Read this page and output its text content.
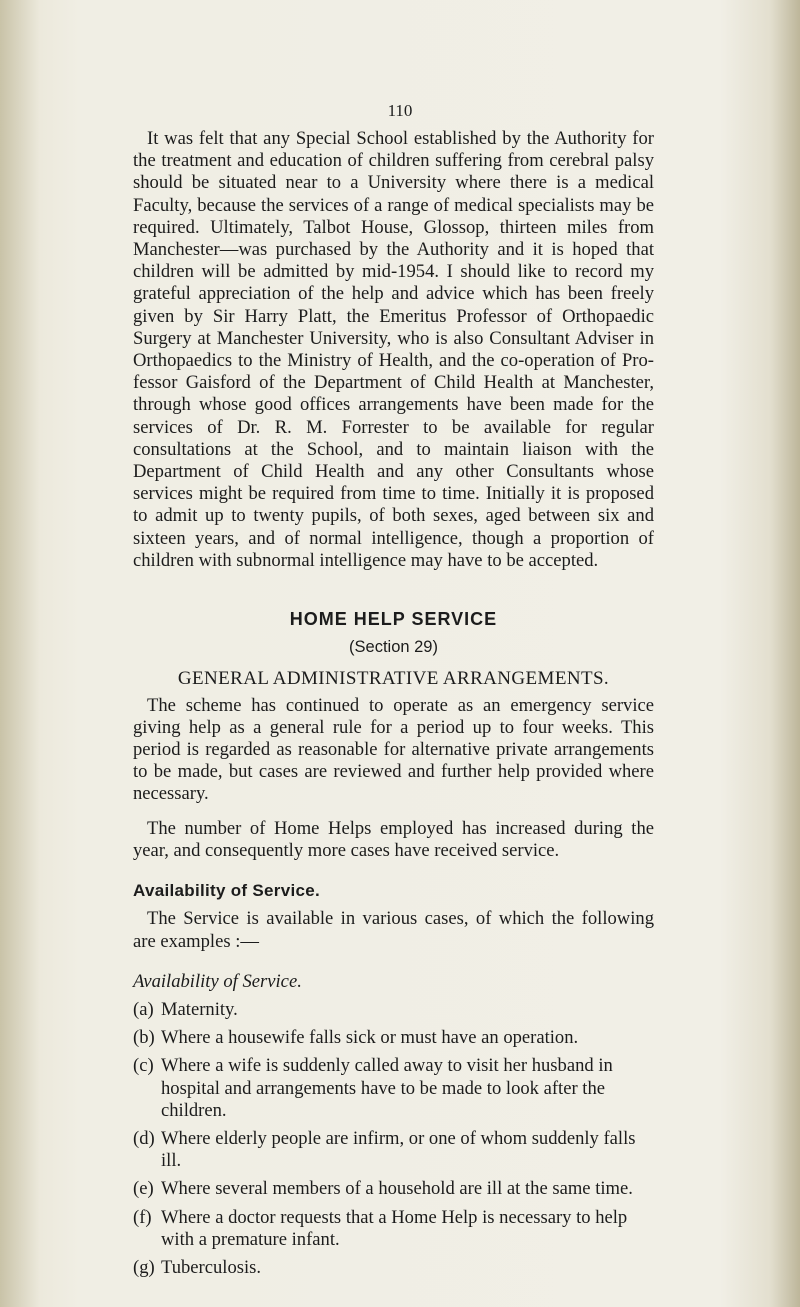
110

It was felt that any Special School established by the Authority for the treatment and education of children suffering from cerebral palsy should be situated near to a University where there is a medical Faculty, because the services of a range of medical specialists may be required. Ultimately, Talbot House, Glossop, thirteen miles from Manchester—was purchased by the Authority and it is hoped that children will be admitted by mid-1954. I should like to record my grateful appreciation of the help and advice which has been freely given by Sir Harry Platt, the Emeritus Professor of Orthopaedic Surgery at Manchester University, who is also Consultant Adviser in Orthopaedics to the Ministry of Health, and the co-operation of Professor Gaisford of the Department of Child Health at Manchester, through whose good offices arrangements have been made for the services of Dr. R. M. Forrester to be available for regular consultations at the School, and to maintain liaison with the Department of Child Health and any other Consultants whose services might be required from time to time. Initially it is proposed to admit up to twenty pupils, of both sexes, aged between six and sixteen years, and of normal intelligence, though a proportion of children with subnormal intelligence may have to be accepted.

HOME HELP SERVICE
(Section 29)
GENERAL ADMINISTRATIVE ARRANGEMENTS.

The scheme has continued to operate as an emergency service giving help as a general rule for a period up to four weeks. This period is regarded as reasonable for alternative private arrangements to be made, but cases are reviewed and further help provided where necessary.

The number of Home Helps employed has increased during the year, and consequently more cases have received service.

Availability of Service.

The Service is available in various cases, of which the following are examples :—

Availability of Service.
(a) Maternity.
(b) Where a housewife falls sick or must have an operation.
(c) Where a wife is suddenly called away to visit her husband in hospital and arrangements have to be made to look after the children.
(d) Where elderly people are infirm, or one of whom suddenly falls ill.
(e) Where several members of a household are ill at the same time.
(f) Where a doctor requests that a Home Help is necessary to help with a premature infant.
(g) Tuberculosis.
